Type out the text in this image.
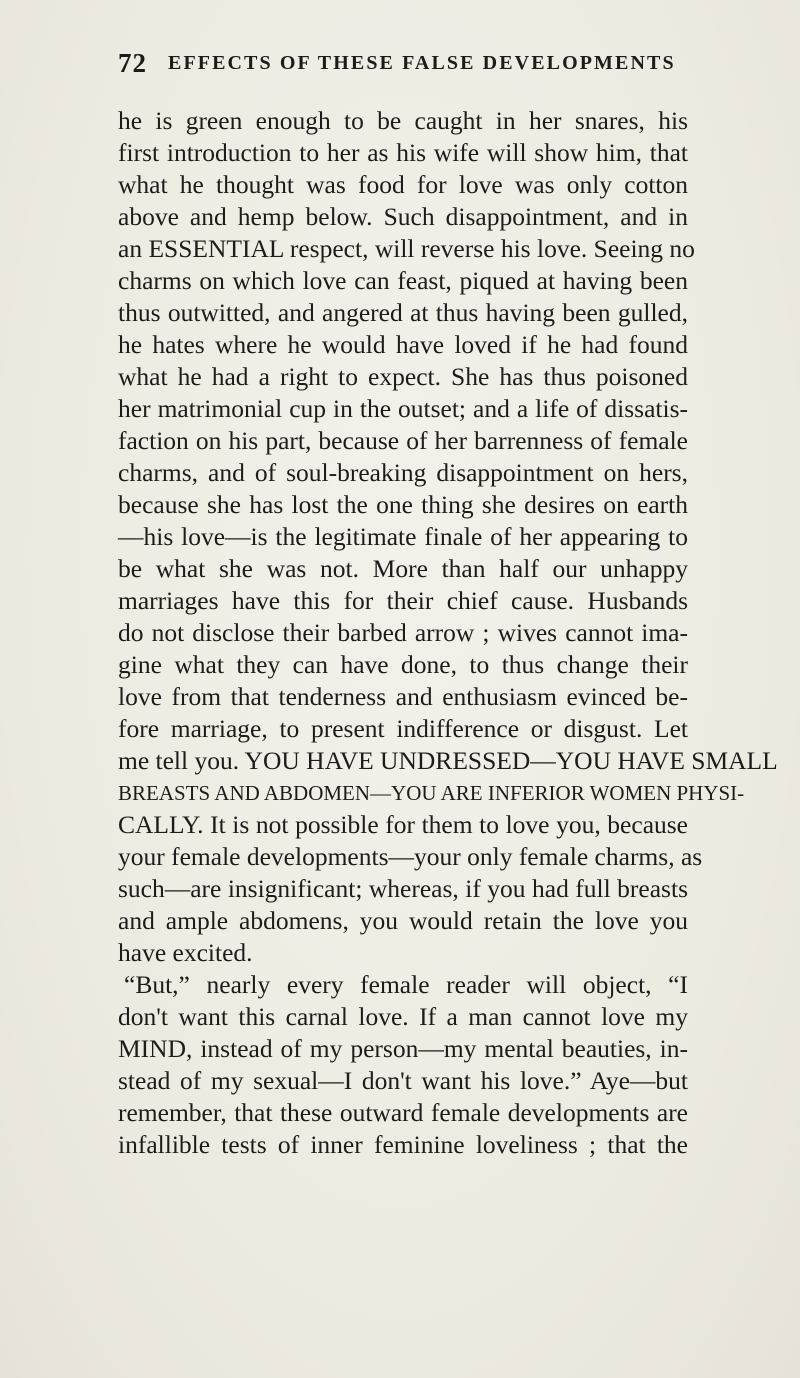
72 EFFECTS OF THESE FALSE DEVELOPMENTS
he is green enough to be caught in her snares, his
first introduction to her as his wife will show him, that
what he thought was food for love was only cotton
above and hemp below. Such disappointment, and in
an ESSENTIAL respect, will reverse his love. Seeing no
charms on which love can feast, piqued at having been
thus outwitted, and angered at thus having been gulled,
he hates where he would have loved if he had found
what he had a right to expect. She has thus poisoned
her matrimonial cup in the outset; and a life of dissatis-
faction on his part, because of her barrenness of female
charms, and of soul-breaking disappointment on hers,
because she has lost the one thing she desires on earth
—his love—is the legitimate finale of her appearing to
be what she was not. More than half our unhappy
marriages have this for their chief cause. Husbands
do not disclose their barbed arrow ; wives cannot ima-
gine what they can have done, to thus change their
love from that tenderness and enthusiasm evinced be-
fore marriage, to present indifference or disgust. Let
me tell you. YOU HAVE UNDRESSED—YOU HAVE SMALL
BREASTS AND ABDOMEN—YOU ARE INFERIOR WOMEN PHYSI-
CALLY. It is not possible for them to love you, because
your female developments—your only female charms, as
such—are insignificant; whereas, if you had full breasts
and ample abdomens, you would retain the love you
have excited.
“But,” nearly every female reader will object, “I
don't want this carnal love. If a man cannot love my
MIND, instead of my person—my mental beauties, in-
stead of my sexual—I don't want his love.” Aye—but
remember, that these outward female developments are
infallible tests of inner feminine loveliness ; that the
